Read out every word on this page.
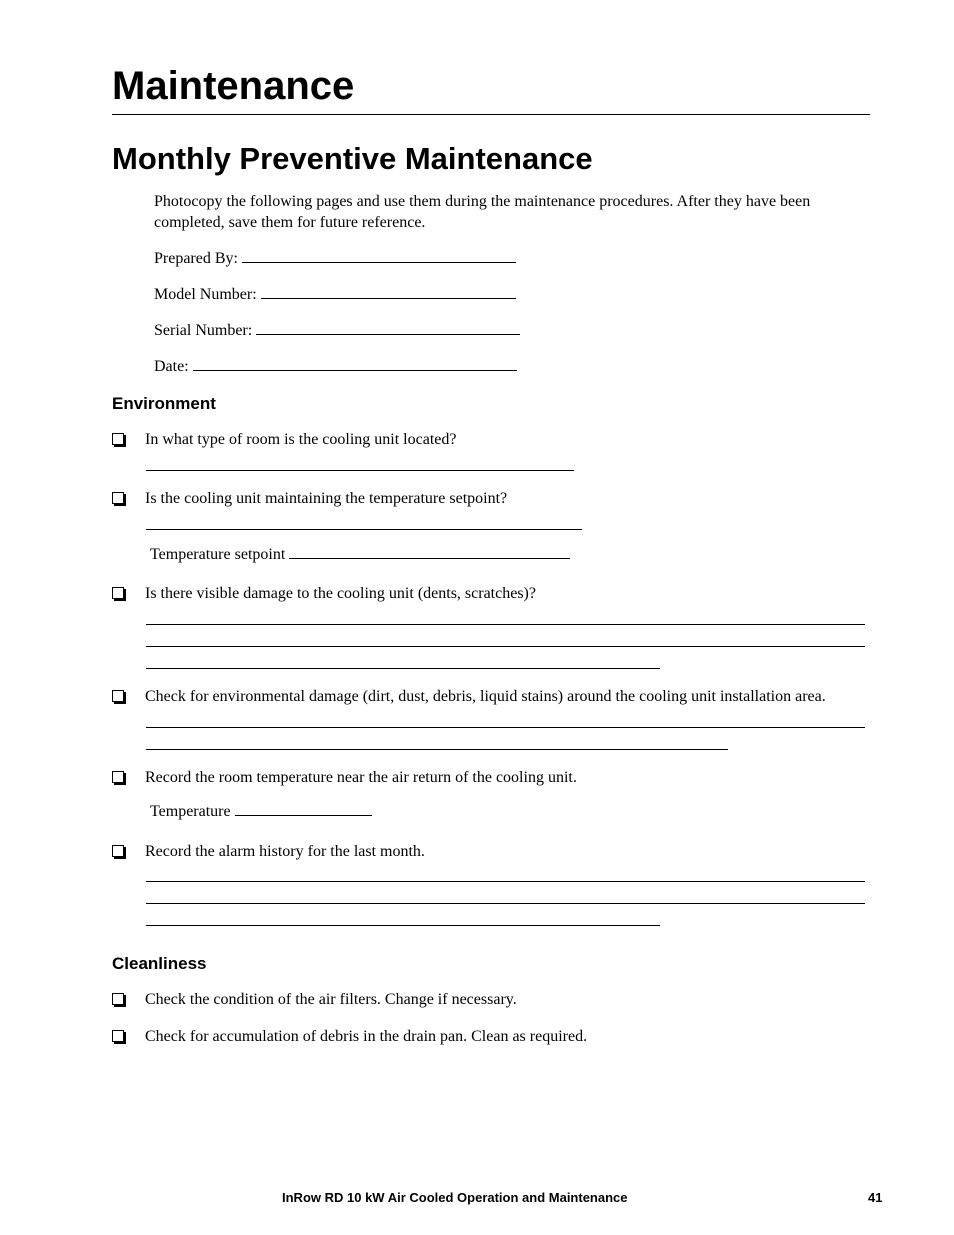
Maintenance
Monthly Preventive Maintenance
Photocopy the following pages and use them during the maintenance procedures. After they have been completed, save them for future reference.
Prepared By:
Model Number:
Serial Number:
Date:
Environment
In what type of room is the cooling unit located?
Is the cooling unit maintaining the temperature setpoint?
Temperature setpoint
Is there visible damage to the cooling unit (dents, scratches)?
Check for environmental damage (dirt, dust, debris, liquid stains) around the cooling unit installation area.
Record the room temperature near the air return of the cooling unit.
Temperature
Record the alarm history for the last month.
Cleanliness
Check the condition of the air filters. Change if necessary.
Check for accumulation of debris in the drain pan. Clean as required.
InRow RD 10 kW Air Cooled Operation and Maintenance	41
